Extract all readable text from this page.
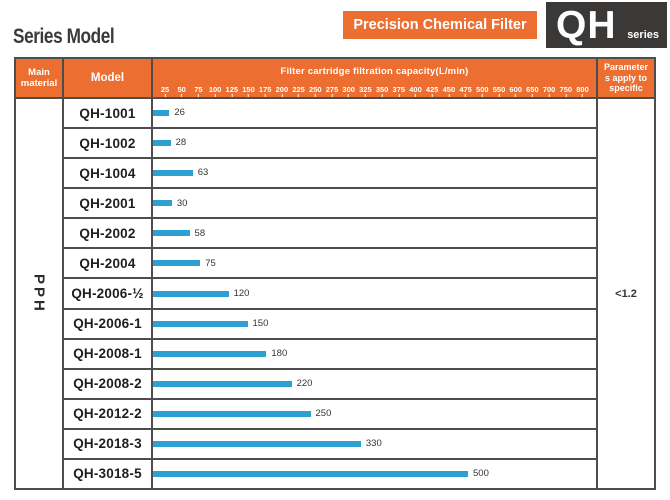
Series Model	Precision Chemical Filter QH series
Main material	Model
Filter cartridge filtration capacity(L/min)
25 50 75 100 125 150 175 200 225 250 275 300 325 350 375 400 425 450 475 500 550 600 650 700 750 800
Parameter
s apply to
specific
PPH
QH-1001	26
QH-1002	28
QH-1004	63
QH-2001	30
QH-2002	58
QH-2004	75
QH-2006-½	120
QH-2006-1	150
QH-2008-1	180
QH-2008-2	220
QH-2012-2	250
QH-2018-3	330
QH-3018-5	500
<1.2
